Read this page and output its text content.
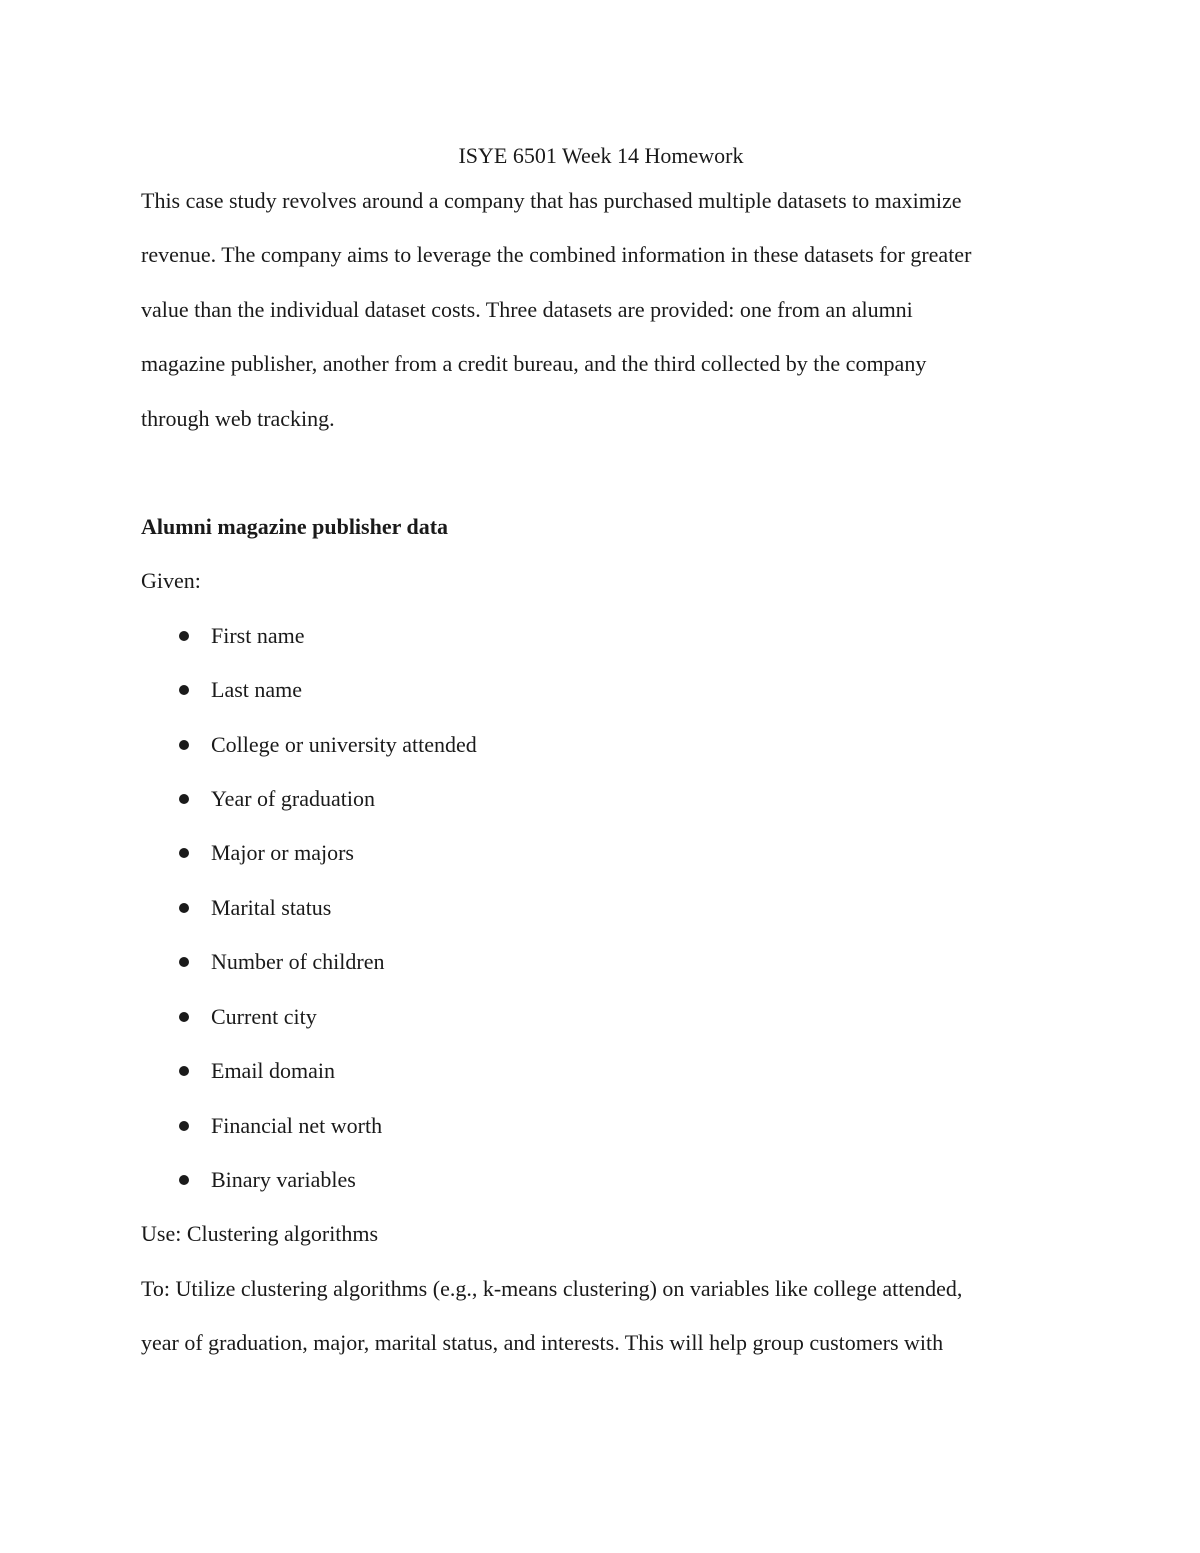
ISYE 6501 Week 14 Homework

This case study revolves around a company that has purchased multiple datasets to maximize
revenue. The company aims to leverage the combined information in these datasets for greater
value than the individual dataset costs. Three datasets are provided: one from an alumni
magazine publisher, another from a credit bureau, and the third collected by the company
through web tracking.

Alumni magazine publisher data

Given:

First name
Last name
College or university attended
Year of graduation
Major or majors
Marital status
Number of children
Current city
Email domain
Financial net worth
Binary variables

Use: Clustering algorithms

To: Utilize clustering algorithms (e.g., k-means clustering) on variables like college attended,
year of graduation, major, marital status, and interests. This will help group customers with
